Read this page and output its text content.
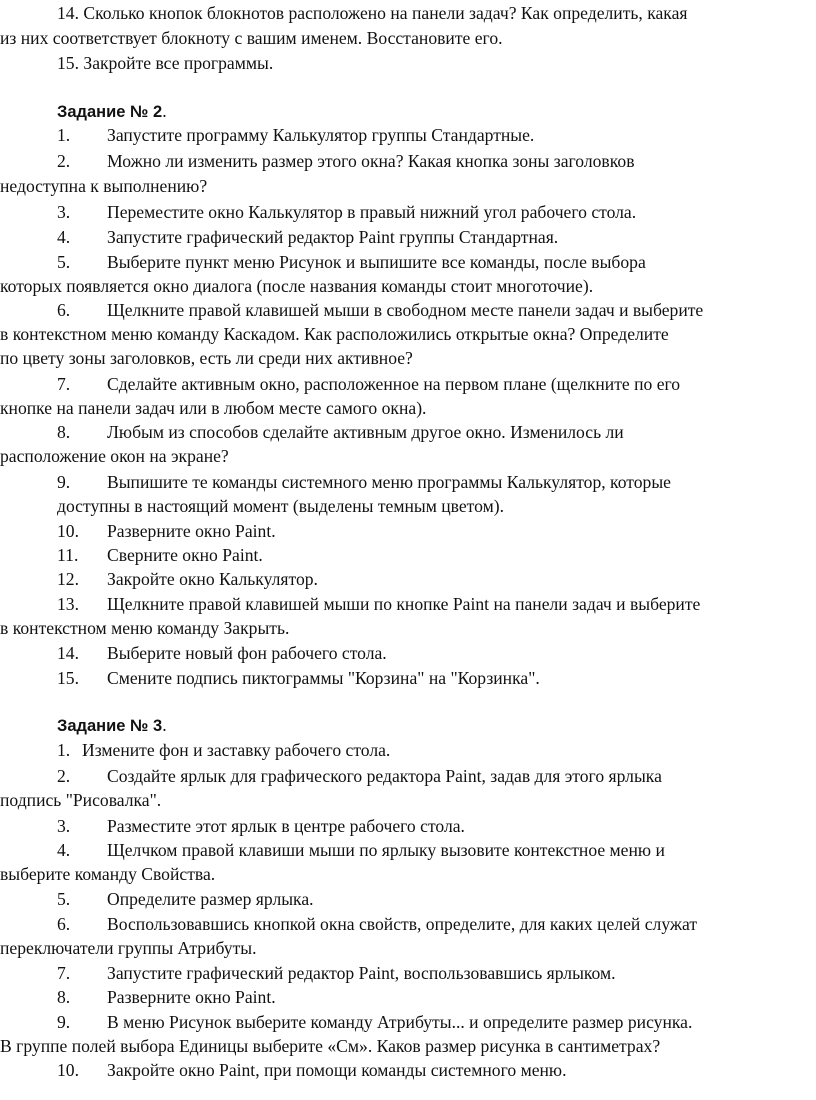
14. Сколько кнопок блокнотов расположено на панели задач? Как определить, какая
из них соответствует блокноту с вашим именем. Восстановите его.
15. Закройте все программы.
Задание № 2.
1. Запустите программу Калькулятор группы Стандартные.
2. Можно ли изменить размер этого окна? Какая кнопка зоны заголовков
недоступна к выполнению?
3. Переместите окно Калькулятор в правый нижний угол рабочего стола.
4. Запустите графический редактор Paint группы Стандартная.
5. Выберите пункт меню Рисунок и выпишите все команды, после выбора
которых появляется окно диалога (после названия команды стоит многоточие).
6. Щелкните правой клавишей мыши в свободном месте панели задач и выберите
в контекстном меню команду Каскадом. Как расположились открытые окна? Определите
по цвету зоны заголовков, есть ли среди них активное?
7. Сделайте активным окно, расположенное на первом плане (щелкните по его
кнопке на панели задач или в любом месте самого окна).
8. Любым из способов сделайте активным другое окно. Изменилось ли
расположение окон на экране?
9. Выпишите те команды системного меню программы Калькулятор, которые
доступны в настоящий момент (выделены темным цветом).
10. Разверните окно Paint.
11. Сверните окно Paint.
12. Закройте окно Калькулятор.
13. Щелкните правой клавишей мыши по кнопке Paint на панели задач и выберите
в контекстном меню команду Закрыть.
14. Выберите новый фон рабочего стола.
15. Смените подпись пиктограммы "Корзина" на "Корзинка".
Задание № 3.
1. Измените фон и заставку рабочего стола.
2. Создайте ярлык для графического редактора Paint, задав для этого ярлыка
подпись "Рисовалка".
3. Разместите этот ярлык в центре рабочего стола.
4. Щелчком правой клавиши мыши по ярлыку вызовите контекстное меню и
выберите команду Свойства.
5. Определите размер ярлыка.
6. Воспользовавшись кнопкой окна свойств, определите, для каких целей служат
переключатели группы Атрибуты.
7. Запустите графический редактор Paint, воспользовавшись ярлыком.
8. Разверните окно Paint.
9. В меню Рисунок выберите команду Атрибуты... и определите размер рисунка.
В группе полей выбора Единицы выберите «См». Каков размер рисунка в сантиметрах?
10. Закройте окно Paint, при помощи команды системного меню.
